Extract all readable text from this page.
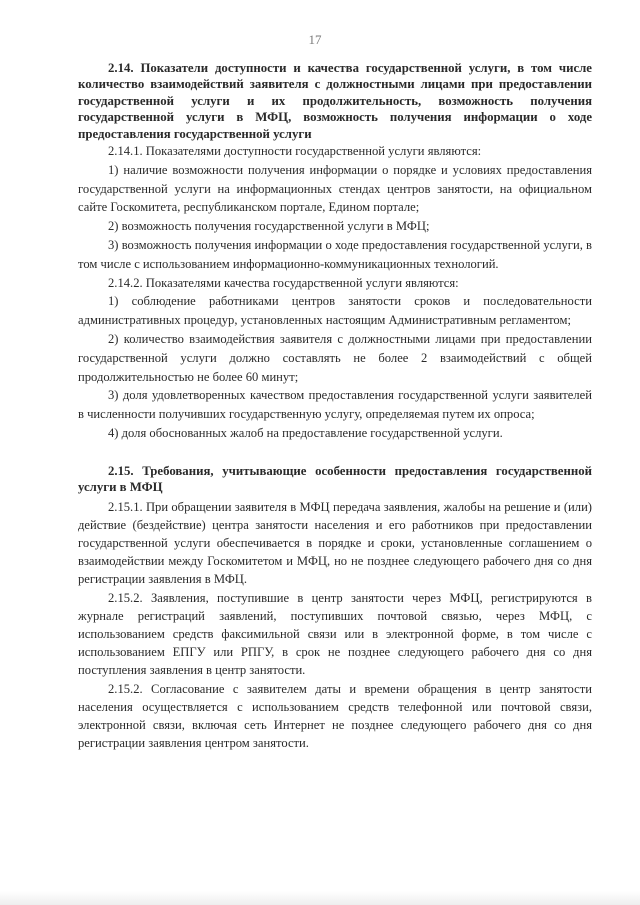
17

2.14. Показатели доступности и качества государственной услуги, в том числе количество взаимодействий заявителя с должностными лицами при предоставлении государственной услуги и их продолжительность, возможность получения государственной услуги в МФЦ, возможность получения информации о ходе предоставления государственной услуги

2.14.1. Показателями доступности государственной услуги являются:

1) наличие возможности получения информации о порядке и условиях предоставления государственной услуги на информационных стендах центров занятости, на официальном сайте Госкомитета, республиканском портале, Едином портале;

2) возможность получения государственной услуги в МФЦ;

3) возможность получения информации о ходе предоставления государственной услуги, в том числе с использованием информационно-коммуникационных технологий.

2.14.2. Показателями качества государственной услуги являются:

1) соблюдение работниками центров занятости сроков и последовательности административных процедур, установленных настоящим Административным регламентом;

2) количество взаимодействия заявителя с должностными лицами при предоставлении государственной услуги должно составлять не более 2 взаимодействий с общей продолжительностью не более 60 минут;

3) доля удовлетворенных качеством предоставления государственной услуги заявителей в численности получивших государственную услугу, определяемая путем их опроса;

4) доля обоснованных жалоб на предоставление государственной услуги.

2.15. Требования, учитывающие особенности предоставления государственной услуги в МФЦ

2.15.1. При обращении заявителя в МФЦ передача заявления, жалобы на решение и (или) действие (бездействие) центра занятости населения и его работников при предоставлении государственной услуги обеспечивается в порядке и сроки, установленные соглашением о взаимодействии между Госкомитетом и МФЦ, но не позднее следующего рабочего дня со дня регистрации заявления в МФЦ.

2.15.2. Заявления, поступившие в центр занятости через МФЦ, регистрируются в журнале регистраций заявлений, поступивших почтовой связью, через МФЦ, с использованием средств факсимильной связи или в электронной форме, в том числе с использованием ЕПГУ или РПГУ, в срок не позднее следующего рабочего дня со дня поступления заявления в центр занятости.

2.15.2. Согласование с заявителем даты и времени обращения в центр занятости населения осуществляется с использованием средств телефонной или почтовой связи, электронной связи, включая сеть Интернет не позднее следующего рабочего дня со дня регистрации заявления центром занятости.
